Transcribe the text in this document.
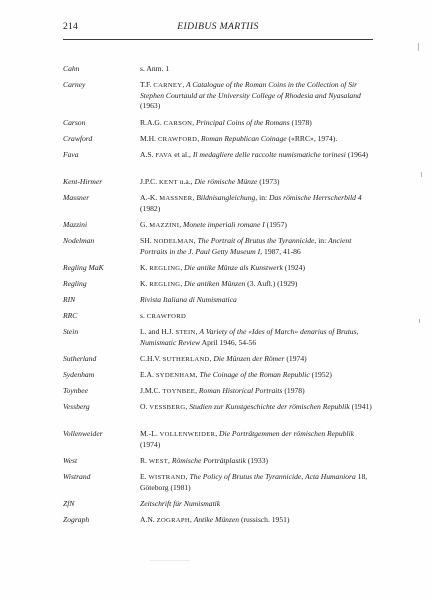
214	EIDIBUS MARTIIS
Cahn	s. Anm. 1
Carney	T.F. CARNEY, A Catalogue of the Roman Coins in the Collection of Sir Stephen Courtauld at the University College of Rhodesia and Nyasaland (1963)
Carson	R.A.G. CARSON, Principal Coins of the Romans (1978)
Crawford	M.H. CRAWFORD, Roman Republican Coinage («RRC», 1974).
Fava	A.S. FAVA et al., Il medagliere delle raccolte numismatiche torinesi (1964)
Kent-Hirmer	J.P.C. KENT u.a., Die römische Münze (1973)
Massner	A.-K. MASSNER, Bildnisangleichung, in: Das römische Herrscherbild 4 (1982)
Mazzini	G. MAZZINI, Monete imperiali romane I (1957)
Nodelman	SH. NODELMAN, The Portrait of Brutus the Tyrannicide, in: Ancient Portraits in the J. Paul Getty Museum I, 1987, 41-86
Regling MaK	K. REGLING, Die antike Münze als Kunstwerk (1924)
Regling	K. REGLING, Die antiken Münzen (3. Aufl.) (1929)
RIN	Rivista Italiana di Numismatica
RRC	s. CRAWFORD
Stein	L. and H.J. STEIN, A Variety of the «Ides of March» denarius of Brutus, Numismatic Review April 1946, 54-56
Sutherland	C.H.V. SUTHERLAND, Die Münzen der Römer (1974)
Sydenham	E.A. SYDENHAM, The Coinage of the Roman Republic (1952)
Toynbee	J.M.C. TOYNBEE, Roman Historical Portraits (1978)
Vessberg	O. VESSBERG, Studien zur Kunstgeschichte der römischen Republik (1941)
Vollenweider	M.-L. VOLLENWEIDER, Die Porträtgemmen der römischen Republik (1974)
West	R. WEST, Römische Porträtplastik (1933)
Wistrand	E. WISTRAND, The Policy of Brutus the Tyrannicide, Acta Humaniora 18, Göteborg (1981)
ZfN	Zeitschrift für Numismatik
Zograph	A.N. ZOGRAPH, Antike Münzen (russisch. 1951)
